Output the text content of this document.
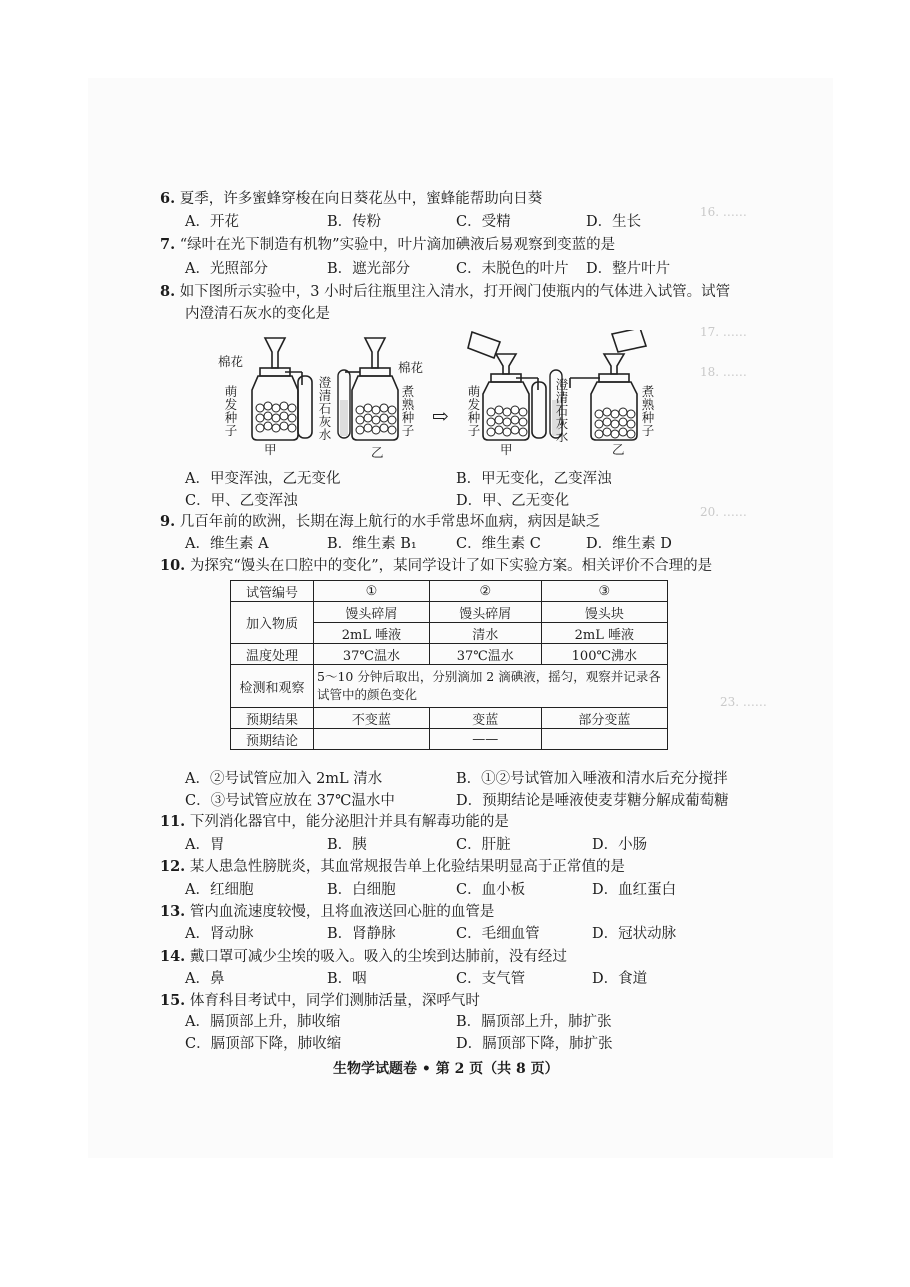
16. ……
17. ……
18. ……
20. ……
23. ……
6. 夏季，许多蜜蜂穿梭在向日葵花丛中，蜜蜂能帮助向日葵
A．开花	B．传粉	C．受精	D．生长
7. “绿叶在光下制造有机物”实验中，叶片滴加碘液后易观察到变蓝的是
A．光照部分	B．遮光部分	C．未脱色的叶片 D．整片叶片
8. 如下图所示实验中，3 小时后往瓶里注入清水，打开阀门使瓶内的气体进入试管。试管
内澄清石灰水的变化是
棉花	棉花
萌发种子
澄清石灰水
煮熟种子
甲	乙
⇨
萌发种子
澄清石灰水
煮熟种子
甲	乙
A．甲变浑浊，乙无变化	B．甲无变化，乙变浑浊
C．甲、乙变浑浊	D．甲、乙无变化
9. 几百年前的欧洲，长期在海上航行的水手常患坏血病，病因是缺乏
A．维生素 A	B．维生素 B₁	C．维生素 C	D．维生素 D
10. 为探究“馒头在口腔中的变化”，某同学设计了如下实验方案。相关评价不合理的是
试管编号	①	②	③
加入物质	馒头碎屑	馒头碎屑	馒头块
	2mL 唾液	清水	2mL 唾液
温度处理	37℃温水	37℃温水	100℃沸水
检测和观察	5～10 分钟后取出，分别滴加 2 滴碘液，摇匀，观察并记录各试管中的颜色变化		
预期结果	不变蓝	变蓝	部分变蓝
预期结论		——	
A．②号试管应加入 2mL 清水	B．①②号试管加入唾液和清水后充分搅拌
C．③号试管应放在 37℃温水中	D．预期结论是唾液使麦芽糖分解成葡萄糖
11. 下列消化器官中，能分泌胆汁并具有解毒功能的是
A．胃	B．胰	C．肝脏	D．小肠
12. 某人患急性膀胱炎，其血常规报告单上化验结果明显高于正常值的是
A．红细胞	B．白细胞	C．血小板	D．血红蛋白
13. 管内血流速度较慢，且将血液送回心脏的血管是
A．肾动脉	B．肾静脉	C．毛细血管	D．冠状动脉
14. 戴口罩可减少尘埃的吸入。吸入的尘埃到达肺前，没有经过
A．鼻	B．咽	C．支气管	D．食道
15. 体育科目考试中，同学们测肺活量，深呼气时
A．膈顶部上升，肺收缩	B．膈顶部上升，肺扩张
C．膈顶部下降，肺收缩	D．膈顶部下降，肺扩张
生物学试题卷 • 第 2 页（共 8 页）
